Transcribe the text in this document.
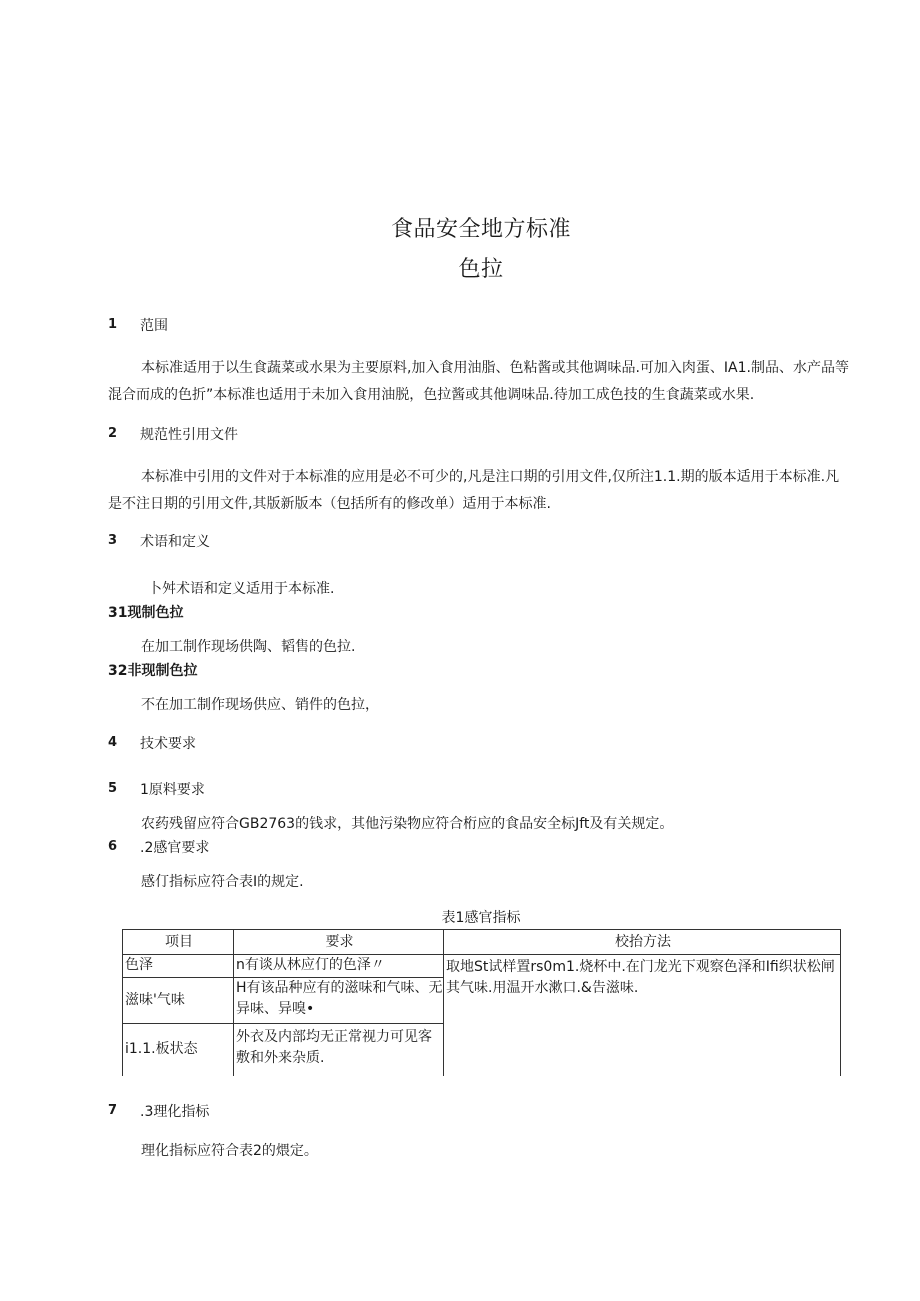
食品安全地方标准
色拉
1 范围
本标准适用于以生食蔬菜或水果为主要原料,加入食用油脂、色粘酱或其他调味品.可加入肉蛋、IA1.制品、水产品等混合而成的色折”本标准也适用于未加入食用油脱，色拉酱或其他调味品.待加工成色技的生食蔬菜或水果.
2 规范性引用文件
本标准中引用的文件对于本标准的应用是必不可少的,凡是注口期的引用文件,仅所注1.1.期的版本适用于本标准.凡是不注日期的引用文件,其版新版本（包括所有的修改单）适用于本标准.
3 术语和定义
卜舛术语和定义适用于本标准.
31现制色拉
在加工制作现场供陶、韬售的色拉.
32非现制色拉
不在加工制作现场供应、销件的色拉，
4 技术要求
5 1原料要求
农药残留应符合GB2763的钱求，其他污染物应符合桁应的食品安全标Jft及有关规定。
6 .2感官要求
感仃指标应符合表I的规定.
表1感官指标
项目	要求	校抬方法
色泽	n有谈从林应仃的色泽〃	取地St试样置rs0m1.烧杯中.在门龙光下观察色泽和Ifi织状松闸其气味.用温开水漱口.&告滋味.
滋味'气味	H有该品种应有的滋味和气味、无异味、异嗅•	
i1.1.板状态	外衣及内部均无正常视力可见客敷和外来杂质.	
7 .3理化指标
理化指标应符合表2的煨定。
